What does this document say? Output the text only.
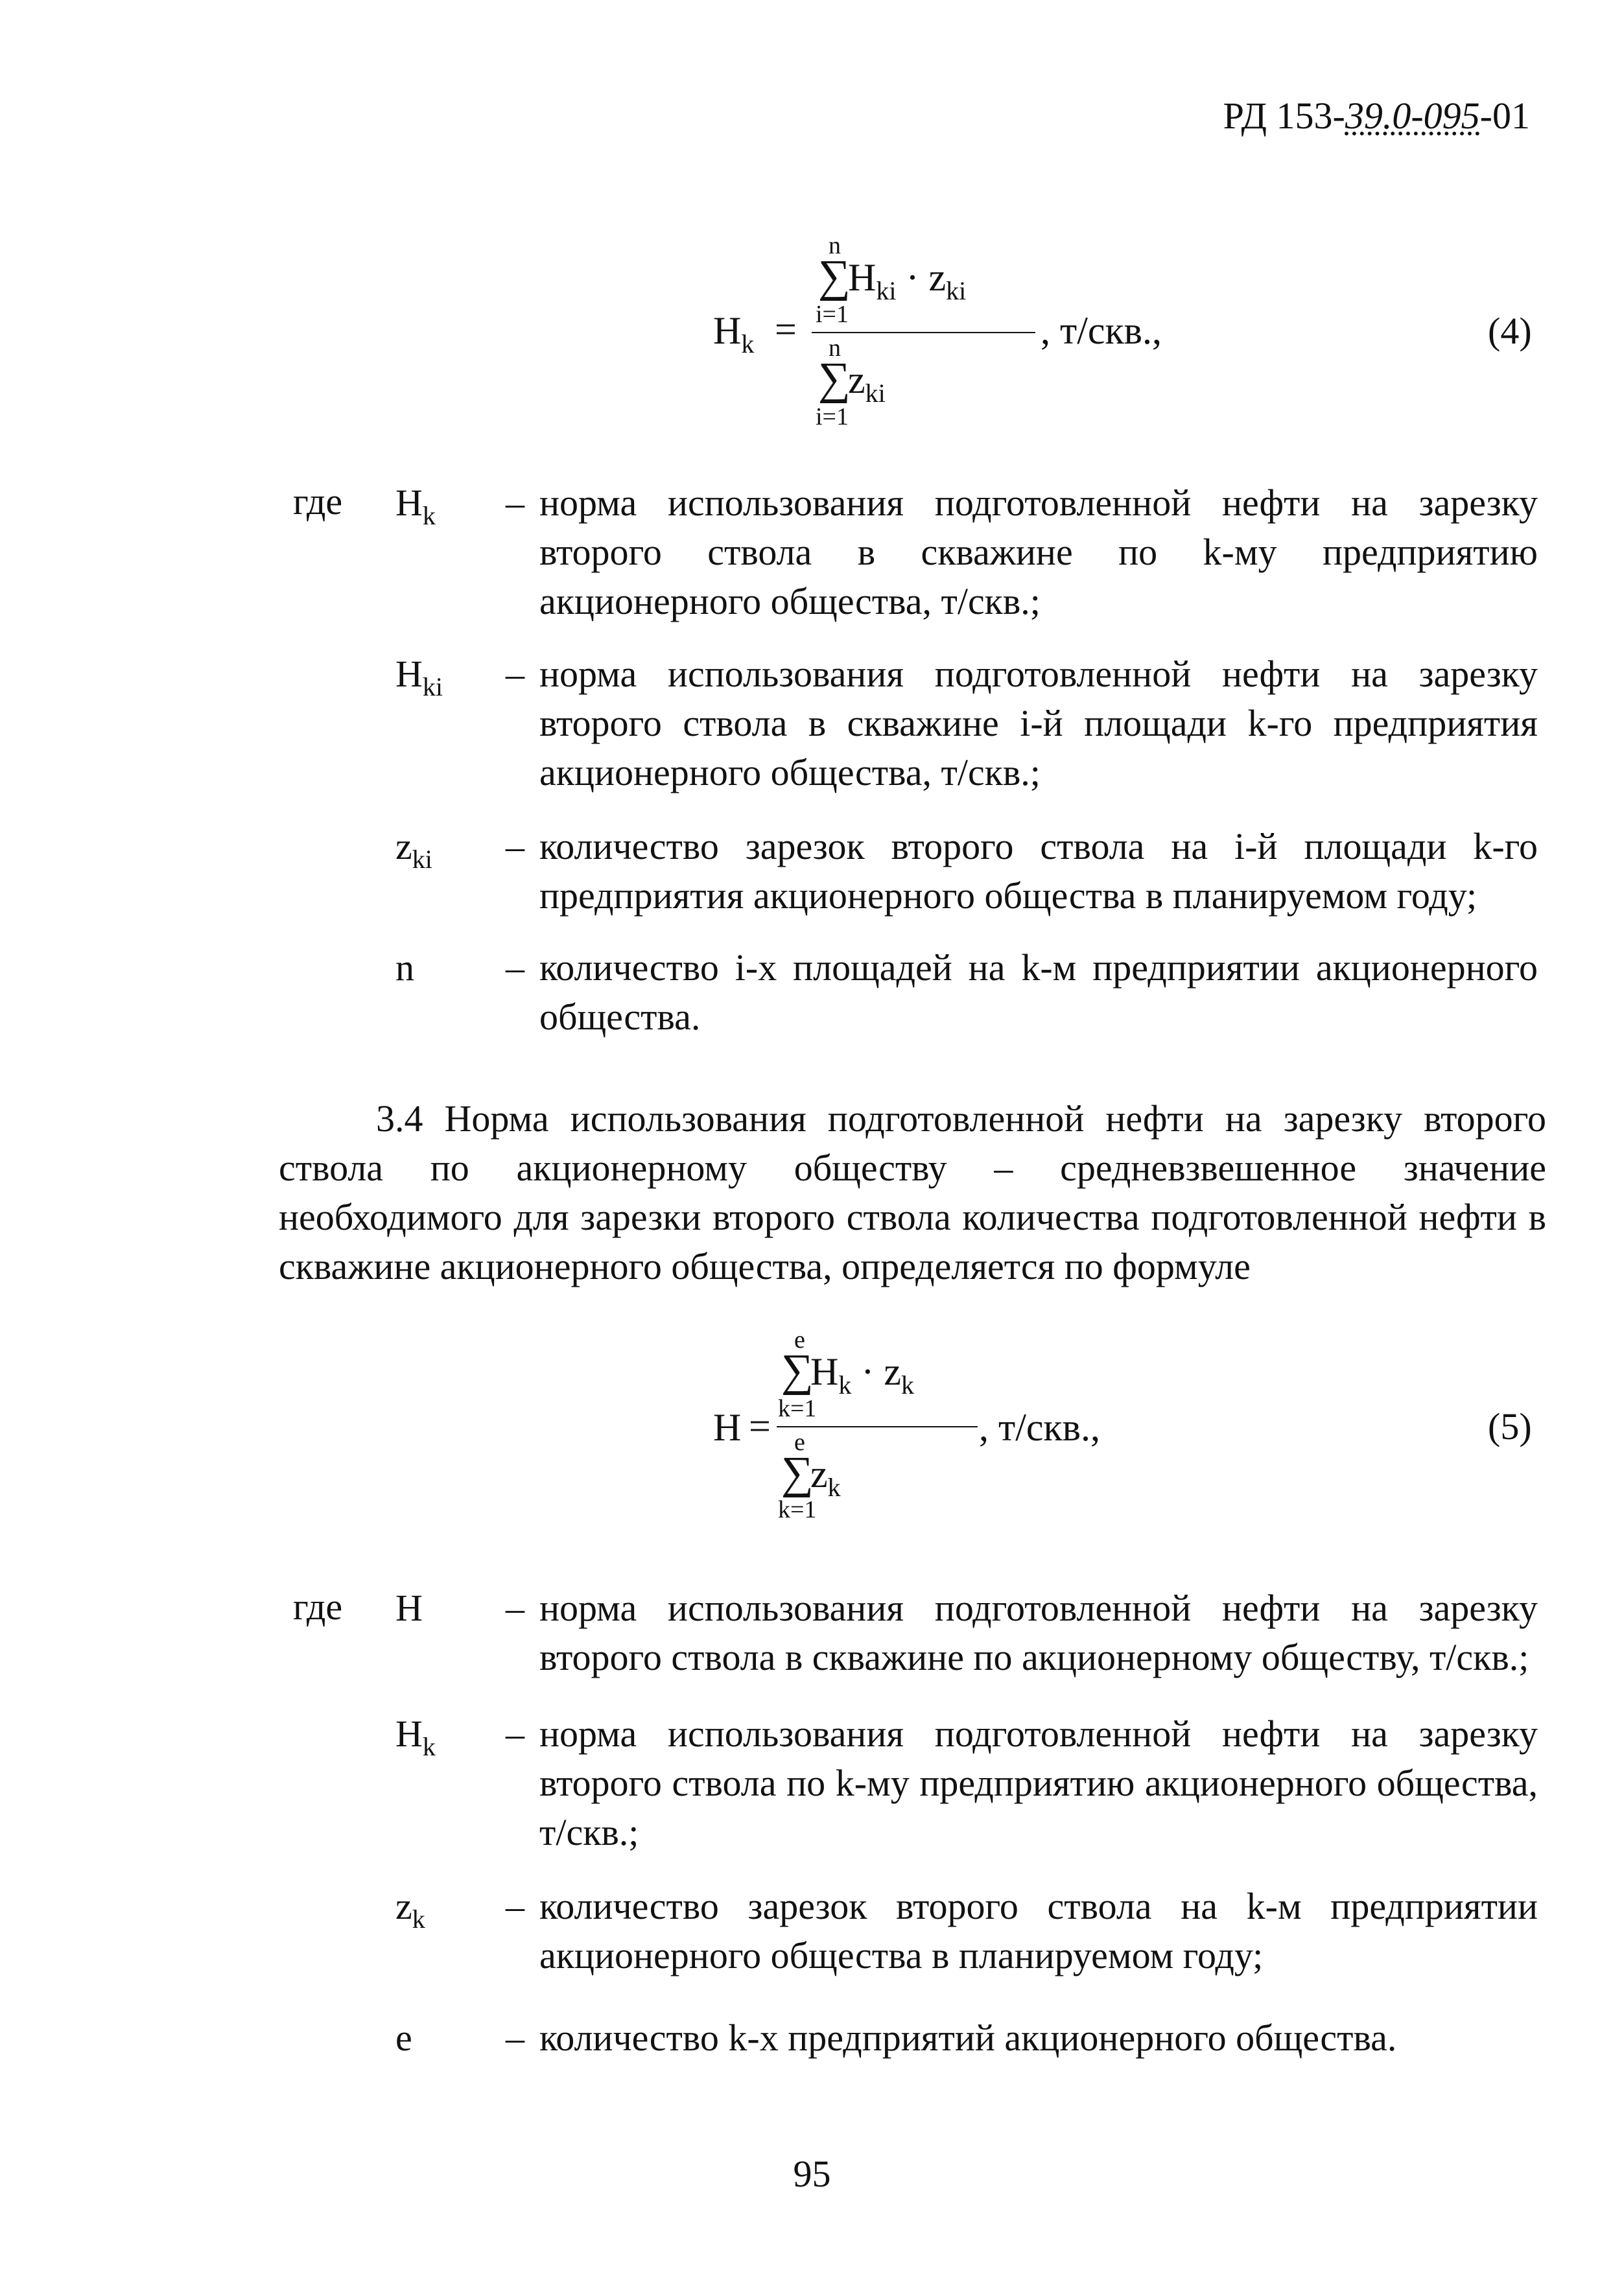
РД 153-39.0-095-01
$H_k$ =
n
∑
$H_{ki} \cdot z_{ki}$
i=1
n
∑
$z_{ki}$
i=1
, т/скв.,	(4)
где $H_k$	– норма использования подготовленной нефти на зарезку второго ствола в скважине по k-му предприятию акционерного общества, т/скв.;
$H_{ki}$	– норма использования подготовленной нефти на зарезку второго ствола в скважине i-й площади k-го предприятия акционерного общества, т/скв.;
$z_{ki}$	– количество зарезок второго ствола на i-й площади k-го предприятия акционерного общества в планируемом году;
n	– количество i-х площадей на k-м предприятии акционерного общества.
3.4 Норма использования подготовленной нефти на зарезку второго ствола по акционерному обществу – средневзвешенное значение необходимого для зарезки второго ствола количества подготовленной нефти в скважине акционерного общества, определяется по формуле
H =
e
∑
$H_k \cdot z_k$
k=1
e
∑
$z_k$
k=1
, т/скв.,	(5)
где H	– норма использования подготовленной нефти на зарезку второго ствола в скважине по акционерному обществу, т/скв.;
$H_k$	– норма использования подготовленной нефти на зарезку второго ствола по k-му предприятию акционерного общества, т/скв.;
$z_k$	– количество зарезок второго ствола на k-м предприятии акционерного общества в планируемом году;
e	– количество k-х предприятий акционерного общества.
95
